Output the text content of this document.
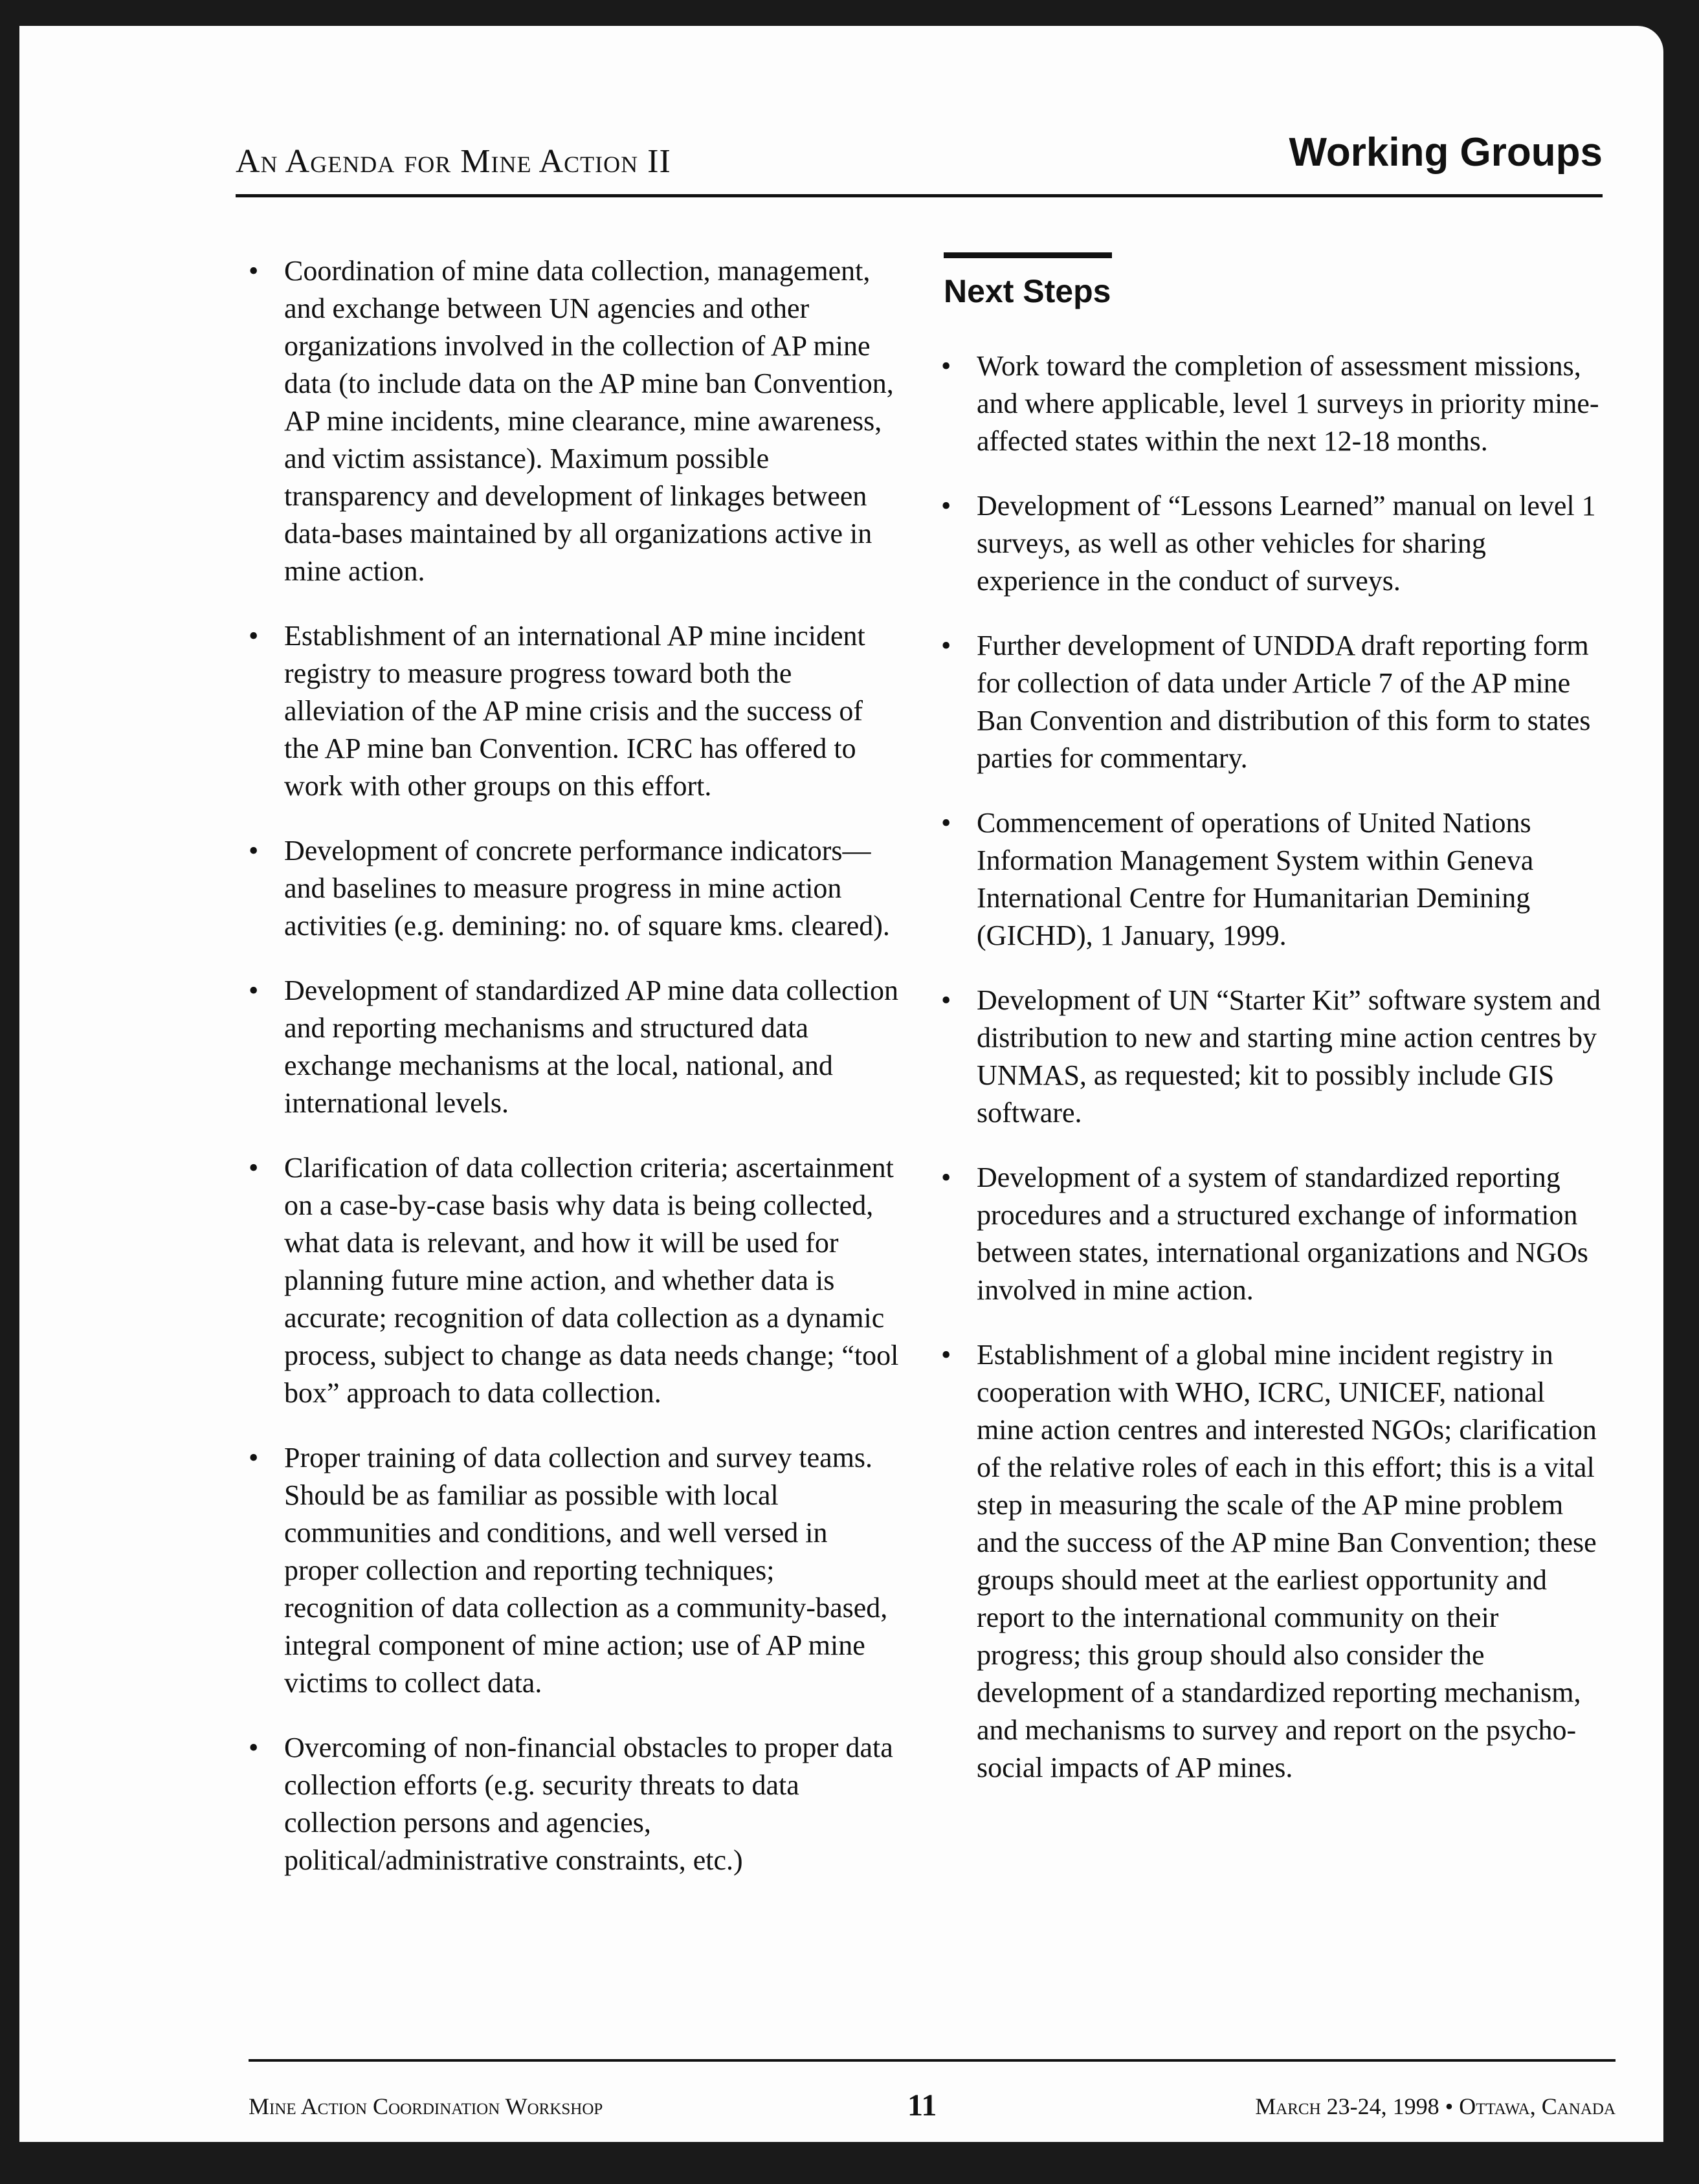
An Agenda for Mine Action II	Working Groups
• Coordination of mine data collection, management, and exchange between UN agencies and other organizations involved in the collection of AP mine data (to include data on the AP mine ban Convention, AP mine incidents, mine clearance, mine awareness, and victim assistance). Maximum possible transparency and development of linkages between data-bases maintained by all organizations active in mine action.
• Establishment of an international AP mine incident registry to measure progress toward both the alleviation of the AP mine crisis and the success of the AP mine ban Convention. ICRC has offered to work with other groups on this effort.
• Development of concrete performance indicators—and baselines to measure progress in mine action activities (e.g. demining: no. of square kms. cleared).
• Development of standardized AP mine data collection and reporting mechanisms and structured data exchange mechanisms at the local, national, and international levels.
• Clarification of data collection criteria; ascertainment on a case-by-case basis why data is being collected, what data is relevant, and how it will be used for planning future mine action, and whether data is accurate; recognition of data collection as a dynamic process, subject to change as data needs change; “tool box” approach to data collection.
• Proper training of data collection and survey teams. Should be as familiar as possible with local communities and conditions, and well versed in proper collection and reporting techniques; recognition of data collection as a community-based, integral component of mine action; use of AP mine victims to collect data.
• Overcoming of non-financial obstacles to proper data collection efforts (e.g. security threats to data collection persons and agencies, political/administrative constraints, etc.)
Next Steps
• Work toward the completion of assessment missions, and where applicable, level 1 surveys in priority mine-affected states within the next 12-18 months.
• Development of “Lessons Learned” manual on level 1 surveys, as well as other vehicles for sharing experience in the conduct of surveys.
• Further development of UNDDA draft reporting form for collection of data under Article 7 of the AP mine Ban Convention and distribution of this form to states parties for commentary.
• Commencement of operations of United Nations Information Management System within Geneva International Centre for Humanitarian Demining (GICHD), 1 January, 1999.
• Development of UN “Starter Kit” software system and distribution to new and starting mine action centres by UNMAS, as requested; kit to possibly include GIS software.
• Development of a system of standardized reporting procedures and a structured exchange of information between states, international organizations and NGOs involved in mine action.
• Establishment of a global mine incident registry in cooperation with WHO, ICRC, UNICEF, national mine action centres and interested NGOs; clarification of the relative roles of each in this effort; this is a vital step in measuring the scale of the AP mine problem and the success of the AP mine Ban Convention; these groups should meet at the earliest opportunity and report to the international community on their progress; this group should also consider the development of a standardized reporting mechanism, and mechanisms to survey and report on the psycho-social impacts of AP mines.
Mine Action Coordination Workshop	11	March 23-24, 1998 • Ottawa, Canada
